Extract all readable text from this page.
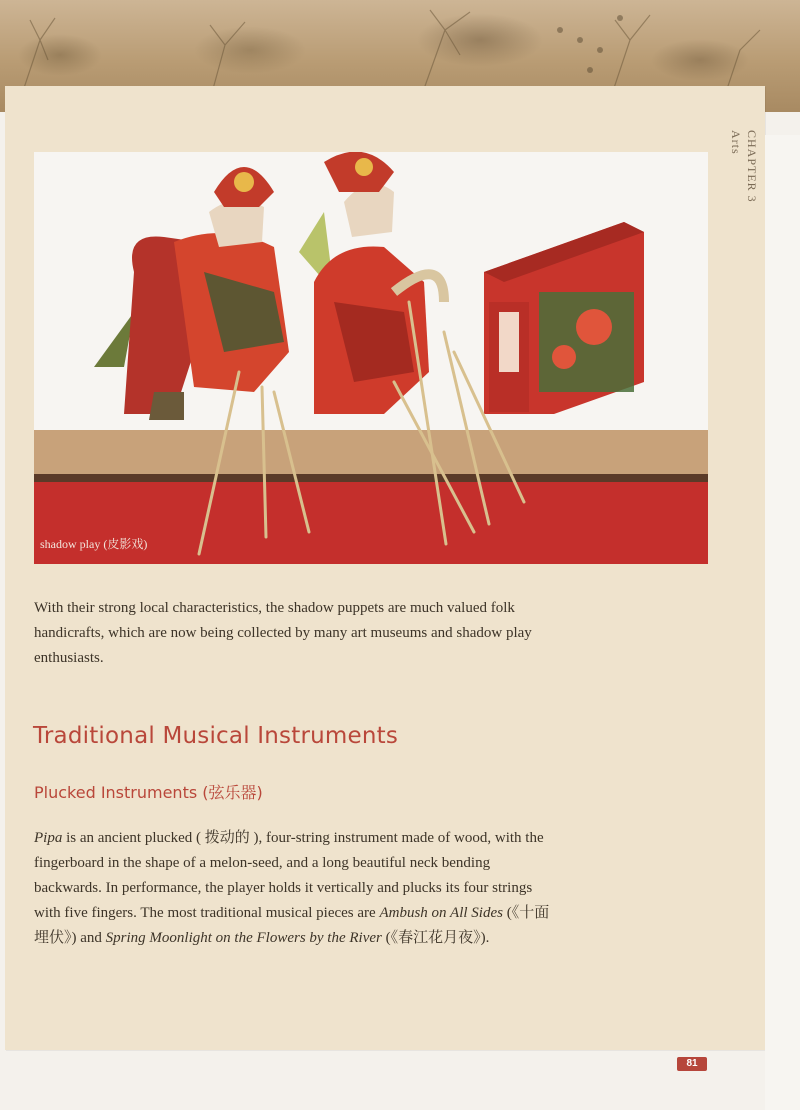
CHAPTER 3
Arts
shadow play (皮影戏)

With their strong local characteristics, the shadow puppets are much valued folk handicrafts, which are now being collected by many art museums and shadow play enthusiasts.

Traditional Musical Instruments
Plucked Instruments (弦乐器)

Pipa is an ancient plucked ( 拨动的 ), four-string instrument made of wood, with the fingerboard in the shape of a melon-seed, and a long beautiful neck bending backwards. In performance, the player holds it vertically and plucks its four strings with five fingers. The most traditional musical pieces are Ambush on All Sides (《十面埋伏》) and Spring Moonlight on the Flowers by the River (《春江花月夜》).

81
